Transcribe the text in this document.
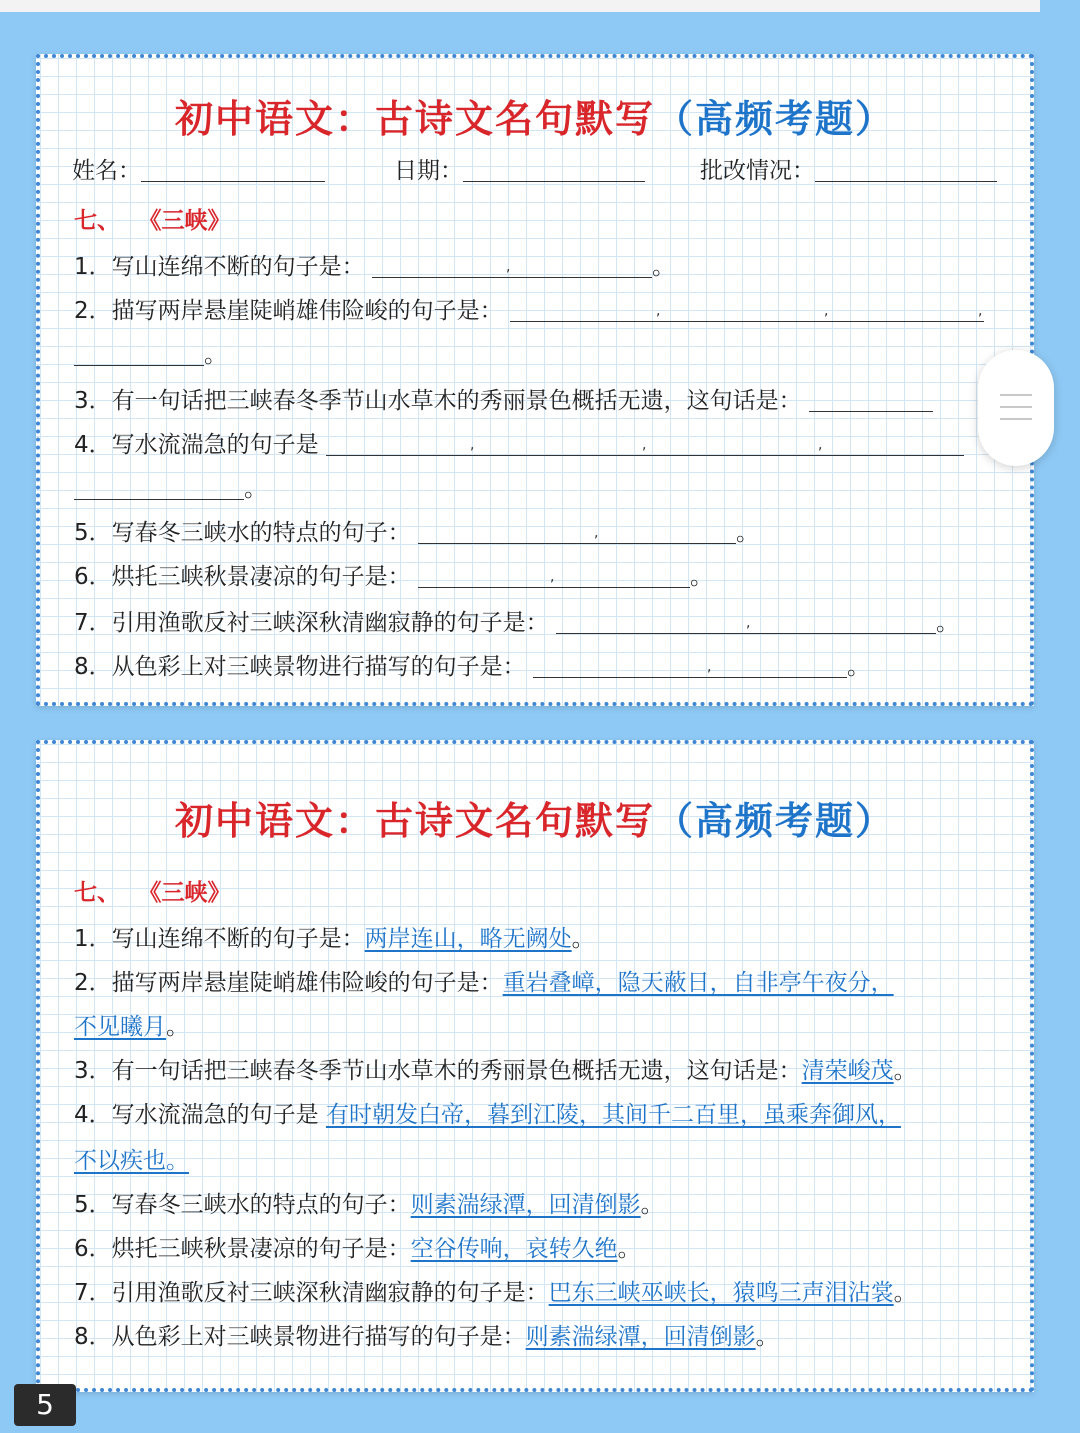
初中语文：古诗文名句默写（高频考题）
姓名：	日期：	批改情况：
七、 《三峡》
1．写山连绵不断的句子是： ,	。
2．描写两岸悬崖陡峭雄伟险峻的句子是： ,,,
。
3．有一句话把三峡春冬季节山水草木的秀丽景色概括无遗，这句话是：
4．写水流湍急的句子是 ,,,
。
5．写春冬三峡水的特点的句子： ,	。
6．烘托三峡秋景凄凉的句子是： ,	。
7．引用渔歌反衬三峡深秋清幽寂静的句子是： ,	。
8．从色彩上对三峡景物进行描写的句子是： ,	。
初中语文：古诗文名句默写（高频考题）
七、 《三峡》
1．写山连绵不断的句子是：两岸连山，略无阙处。
2．描写两岸悬崖陡峭雄伟险峻的句子是：重岩叠嶂，隐天蔽日，自非亭午夜分，
不见曦月。
3．有一句话把三峡春冬季节山水草木的秀丽景色概括无遗，这句话是：清荣峻茂。
4．写水流湍急的句子是 有时朝发白帝，暮到江陵，其间千二百里，虽乘奔御风，
不以疾也。
5．写春冬三峡水的特点的句子：则素湍绿潭，回清倒影。
6．烘托三峡秋景凄凉的句子是：空谷传响，哀转久绝。
7．引用渔歌反衬三峡深秋清幽寂静的句子是：巴东三峡巫峡长，猿鸣三声泪沾裳。
8．从色彩上对三峡景物进行描写的句子是：则素湍绿潭，回清倒影。
5
